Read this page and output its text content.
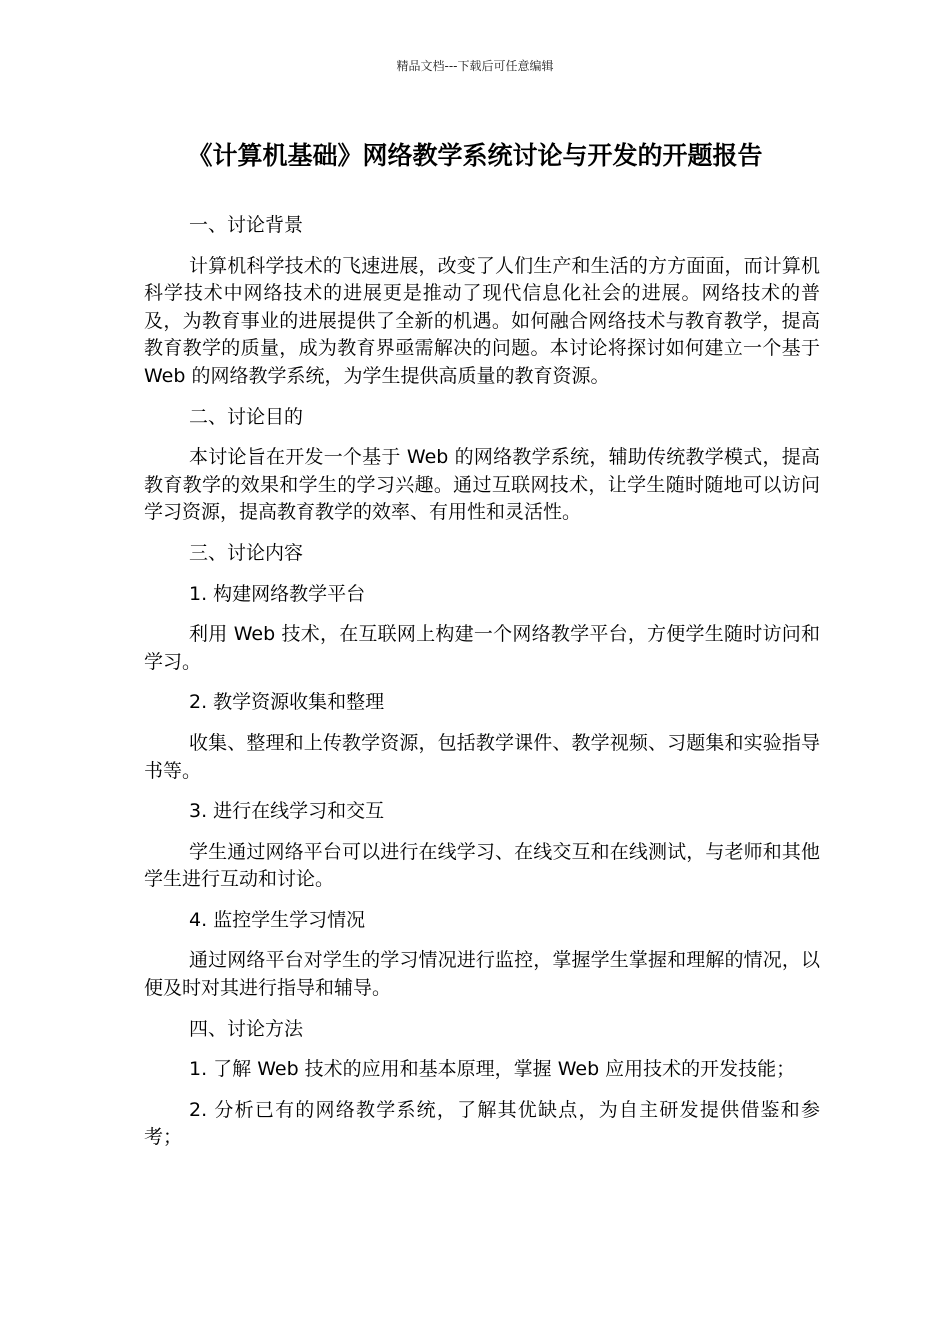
精品文档---下载后可任意编辑
《计算机基础》网络教学系统讨论与开发的开题报告

一、讨论背景

计算机科学技术的飞速进展，改变了人们生产和生活的方方面面，而计算机科学技术中网络技术的进展更是推动了现代信息化社会的进展。网络技术的普及，为教育事业的进展提供了全新的机遇。如何融合网络技术与教育教学，提高教育教学的质量，成为教育界亟需解决的问题。本讨论将探讨如何建立一个基于 Web 的网络教学系统，为学生提供高质量的教育资源。

二、讨论目的

本讨论旨在开发一个基于 Web 的网络教学系统，辅助传统教学模式，提高教育教学的效果和学生的学习兴趣。通过互联网技术，让学生随时随地可以访问学习资源，提高教育教学的效率、有用性和灵活性。

三、讨论内容

1. 构建网络教学平台

利用 Web 技术，在互联网上构建一个网络教学平台，方便学生随时访问和学习。

2. 教学资源收集和整理

收集、整理和上传教学资源，包括教学课件、教学视频、习题集和实验指导书等。

3. 进行在线学习和交互

学生通过网络平台可以进行在线学习、在线交互和在线测试，与老师和其他学生进行互动和讨论。

4. 监控学生学习情况

通过网络平台对学生的学习情况进行监控，掌握学生掌握和理解的情况，以便及时对其进行指导和辅导。

四、讨论方法

1. 了解 Web 技术的应用和基本原理，掌握 Web 应用技术的开发技能；

2. 分析已有的网络教学系统，了解其优缺点，为自主研发提供借鉴和参考；
